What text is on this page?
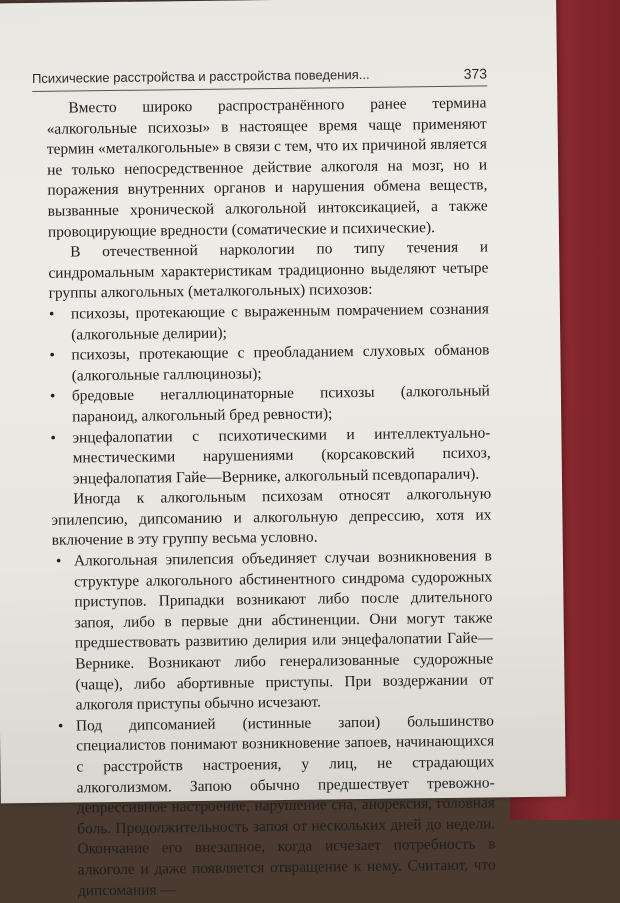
Психические расстройства и расстройства поведения...	373

Вместо широко распространённого ранее термина «алкогольные психозы» в настоящее время чаще применяют термин «металкогольные» в связи с тем, что их причиной является не только непосредственное действие алкоголя на мозг, но и поражения внутренних органов и нарушения обмена веществ, вызванные хронической алкогольной интоксикацией, а также провоцирующие вредности (соматические и психические).

В отечественной наркологии по типу течения и синдромальным характеристикам традиционно выделяют четыре группы алкогольных (металкогольных) психозов:

• психозы, протекающие с выраженным помрачением сознания (алкогольные делирии);
• психозы, протекающие с преобладанием слуховых обманов (алкогольные галлюцинозы);
• бредовые негаллюцинаторные психозы (алкогольный параноид, алкогольный бред ревности);
• энцефалопатии с психотическими и интеллектуально-мнестическими нарушениями (корсаковский психоз, энцефалопатия Гайе—Вернике, алкогольный псевдопаралич).

Иногда к алкогольным психозам относят алкогольную эпилепсию, дипсоманию и алкогольную депрессию, хотя их включение в эту группу весьма условно.

• Алкогольная эпилепсия объединяет случаи возникновения в структуре алкогольного абстинентного синдрома судорожных приступов. Припадки возникают либо после длительного запоя, либо в первые дни абстиненции. Они могут также предшествовать развитию делирия или энцефалопатии Гайе—Вернике. Возникают либо генерализованные судорожные (чаще), либо абортивные приступы. При воздержании от алкоголя приступы обычно исчезают.
• Под дипсоманией (истинные запои) большинство специалистов понимают возникновение запоев, начинающихся с расстройств настроения, у лиц, не страдающих алкоголизмом. Запою обычно предшествует тревожно-депрессивное настроение, нарушение сна, анорексия, головная боль. Продолжительность запоя от нескольких дней до недели. Окончание его внезапное, когда исчезает потребность в алкоголе и даже появляется отвращение к нему. Считают, что дипсомания —
